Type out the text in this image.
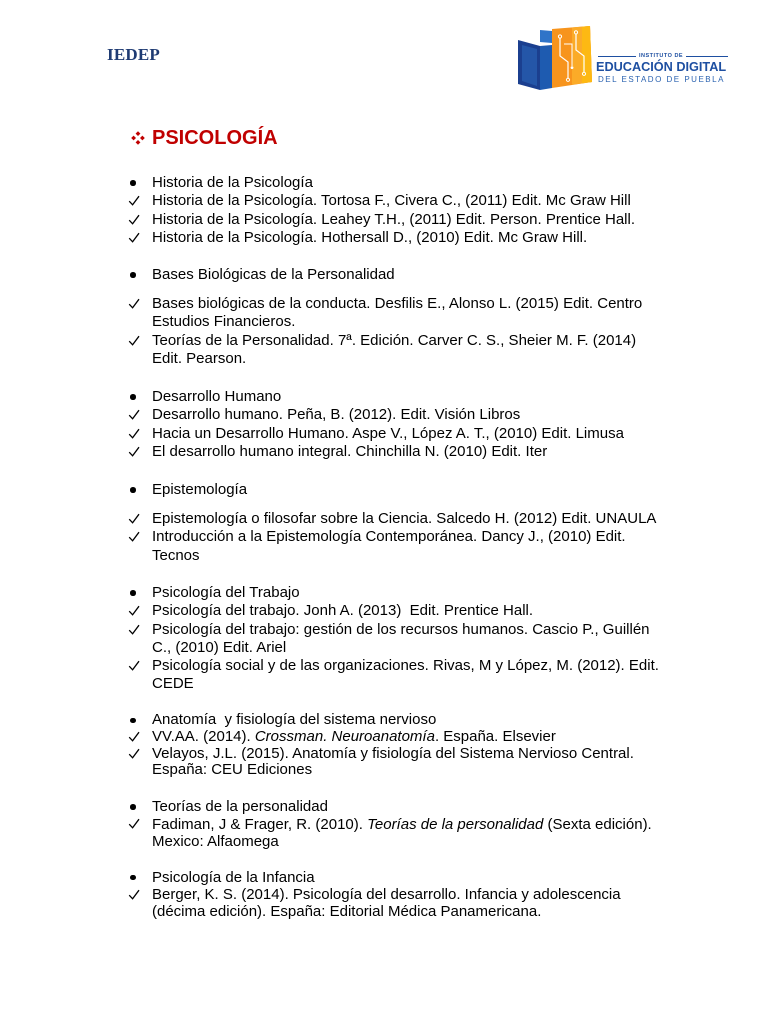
IEDEP	INSTITUTO DE
EDUCACIÓN DIGITAL
DEL ESTADO DE PUEBLA
PSICOLOGÍA
Historia de la Psicología
Historia de la Psicología. Tortosa F., Civera C., (2011) Edit. Mc Graw Hill
Historia de la Psicología. Leahey T.H., (2011) Edit. Person. Prentice Hall.
Historia de la Psicología. Hothersall D., (2010) Edit. Mc Graw Hill.
Bases Biológicas de la Personalidad
Bases biológicas de la conducta. Desfilis E., Alonso L. (2015) Edit. Centro Estudios Financieros.
Teorías de la Personalidad. 7ª. Edición. Carver C. S., Sheier M. F. (2014) Edit. Pearson.
Desarrollo Humano
Desarrollo humano. Peña, B. (2012). Edit. Visión Libros
Hacia un Desarrollo Humano. Aspe V., López A. T., (2010) Edit. Limusa
El desarrollo humano integral. Chinchilla N. (2010) Edit. Iter
Epistemología
Epistemología o filosofar sobre la Ciencia. Salcedo H. (2012) Edit. UNAULA
Introducción a la Epistemología Contemporánea. Dancy J., (2010) Edit. Tecnos
Psicología del Trabajo
Psicología del trabajo. Jonh A. (2013)  Edit. Prentice Hall.
Psicología del trabajo: gestión de los recursos humanos. Cascio P., Guillén C., (2010) Edit. Ariel
Psicología social y de las organizaciones. Rivas, M y López, M. (2012). Edit. CEDE
Anatomía  y fisiología del sistema nervioso
VV.AA. (2014). Crossman. Neuroanatomía. España. Elsevier
Velayos, J.L. (2015). Anatomía y fisiología del Sistema Nervioso Central. España: CEU Ediciones
Teorías de la personalidad
Fadiman, J & Frager, R. (2010). Teorías de la personalidad (Sexta edición). Mexico: Alfaomega
Psicología de la Infancia
Berger, K. S. (2014). Psicología del desarrollo. Infancia y adolescencia (décima edición). España: Editorial Médica Panamericana.
